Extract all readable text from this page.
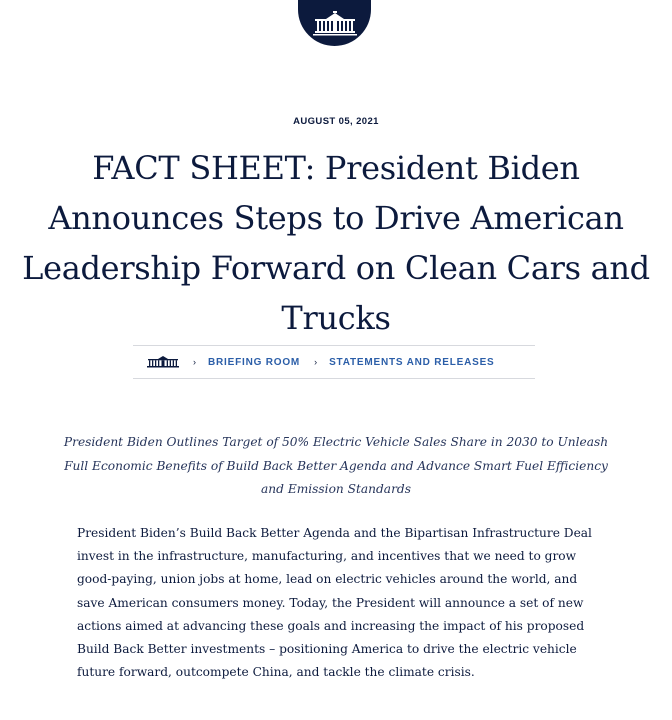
AUGUST 05, 2021
FACT SHEET: President Biden Announces Steps to Drive American Leadership Forward on Clean Cars and Trucks
› BRIEFING ROOM › STATEMENTS AND RELEASES

President Biden Outlines Target of 50% Electric Vehicle Sales Share in 2030 to Unleash Full Economic Benefits of Build Back Better Agenda and Advance Smart Fuel Efficiency and Emission Standards

President Biden’s Build Back Better Agenda and the Bipartisan Infrastructure Deal invest in the infrastructure, manufacturing, and incentives that we need to grow good-paying, union jobs at home, lead on electric vehicles around the world, and save American consumers money. Today, the President will announce a set of new actions aimed at advancing these goals and increasing the impact of his proposed Build Back Better investments – positioning America to drive the electric vehicle future forward, outcompete China, and tackle the climate crisis.
